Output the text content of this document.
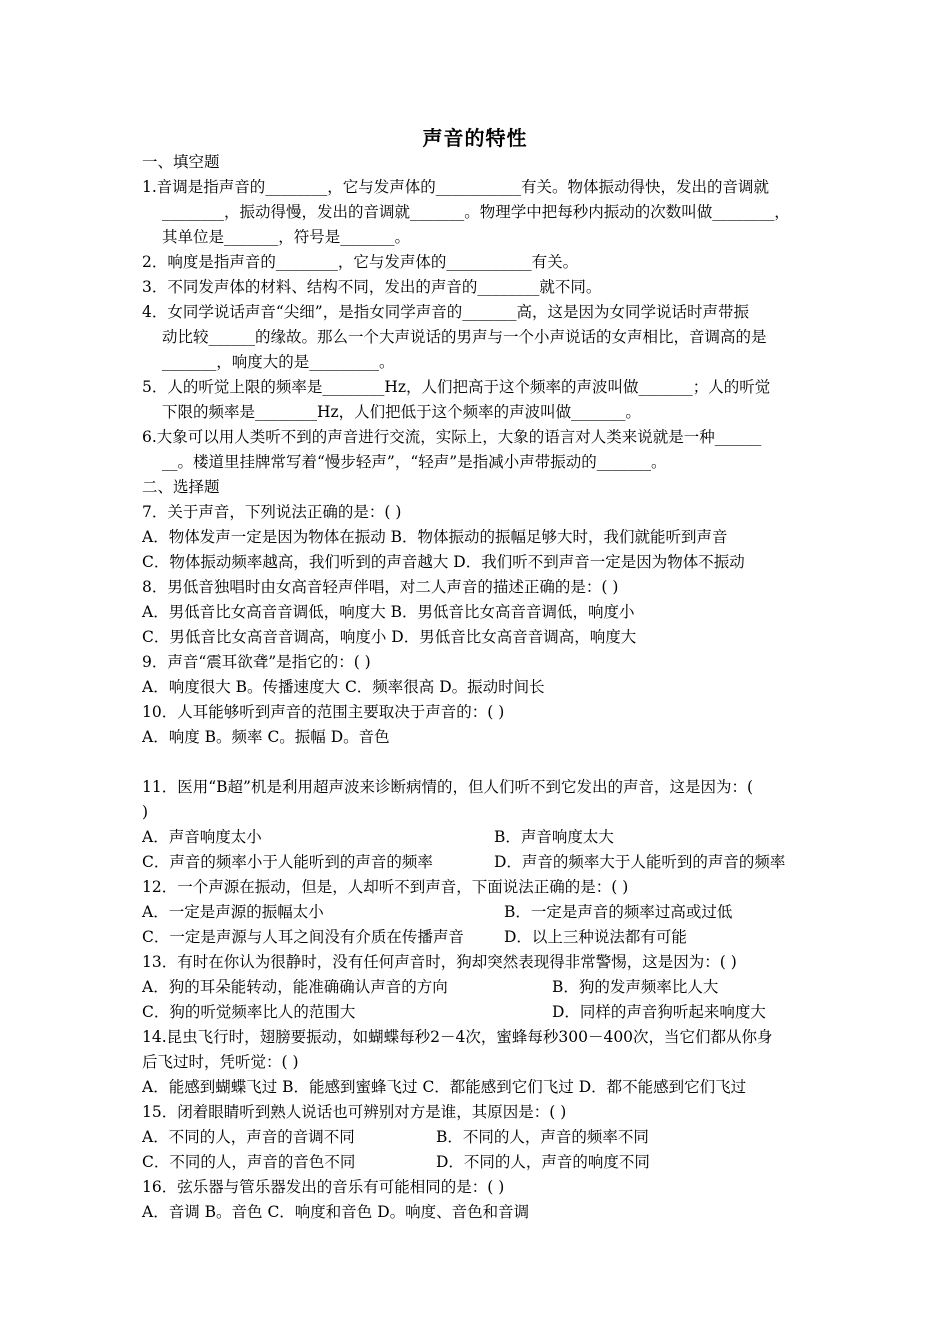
声音的特性
一、填空题
1.音调是指声音的________，它与发声体的___________有关。物体振动得快，发出的音调就
________，振动得慢，发出的音调就_______。物理学中把每秒内振动的次数叫做________，
其单位是_______，符号是_______。
2．响度是指声音的________，它与发声体的___________有关。
3．不同发声体的材料、结构不同，发出的声音的________就不同。
4．女同学说话声音“尖细”，是指女同学声音的_______高，这是因为女同学说话时声带振
动比较______的缘故。那么一个大声说话的男声与一个小声说话的女声相比，音调高的是
_______，响度大的是_________。
5．人的听觉上限的频率是________Hz，人们把高于这个频率的声波叫做_______；人的听觉
下限的频率是________Hz，人们把低于这个频率的声波叫做_______。
6.大象可以用人类听不到的声音进行交流，实际上，大象的语言对人类来说就是一种______
__。楼道里挂牌常写着“慢步轻声”，“轻声”是指减小声带振动的_______。
二、选择题
7．关于声音，下列说法正确的是：( )
A．物体发声一定是因为物体在振动 B．物体振动的振幅足够大时，我们就能听到声音
C．物体振动频率越高，我们听到的声音越大 D．我们听不到声音一定是因为物体不振动
8．男低音独唱时由女高音轻声伴唱，对二人声音的描述正确的是：( )
A．男低音比女高音音调低，响度大 B．男低音比女高音音调低，响度小
C．男低音比女高音音调高，响度小 D．男低音比女高音音调高，响度大
9．声音“震耳欲聋”是指它的：( )
A．响度很大 B。传播速度大 C．频率很高 D。振动时间长
10．人耳能够听到声音的范围主要取决于声音的：( )
A．响度 B。频率 C。振幅 D。音色
11．医用“B超”机是利用超声波来诊断病情的，但人们听不到它发出的声音，这是因为：(
)
A．声音响度太小	B．声音响度太大
C．声音的频率小于人能听到的声音的频率	D．声音的频率大于人能听到的声音的频率
12．一个声源在振动，但是，人却听不到声音，下面说法正确的是：( )
A．一定是声源的振幅太小	B．一定是声音的频率过高或过低
C．一定是声源与人耳之间没有介质在传播声音	D．以上三种说法都有可能
13．有时在你认为很静时，没有任何声音时，狗却突然表现得非常警惕，这是因为：( )
A．狗的耳朵能转动，能准确确认声音的方向	B．狗的发声频率比人大
C．狗的听觉频率比人的范围大	D．同样的声音狗听起来响度大
14.昆虫飞行时，翅膀要振动，如蝴蝶每秒2－4次，蜜蜂每秒300－400次，当它们都从你身
后飞过时，凭听觉：( )
A．能感到蝴蝶飞过 B．能感到蜜蜂飞过 C．都能感到它们飞过 D．都不能感到它们飞过
15．闭着眼睛听到熟人说话也可辨别对方是谁，其原因是：( )
A．不同的人，声音的音调不同	B．不同的人，声音的频率不同
C．不同的人，声音的音色不同	D．不同的人，声音的响度不同
16．弦乐器与管乐器发出的音乐有可能相同的是：( )
A．音调 B。音色 C．响度和音色 D。响度、音色和音调
